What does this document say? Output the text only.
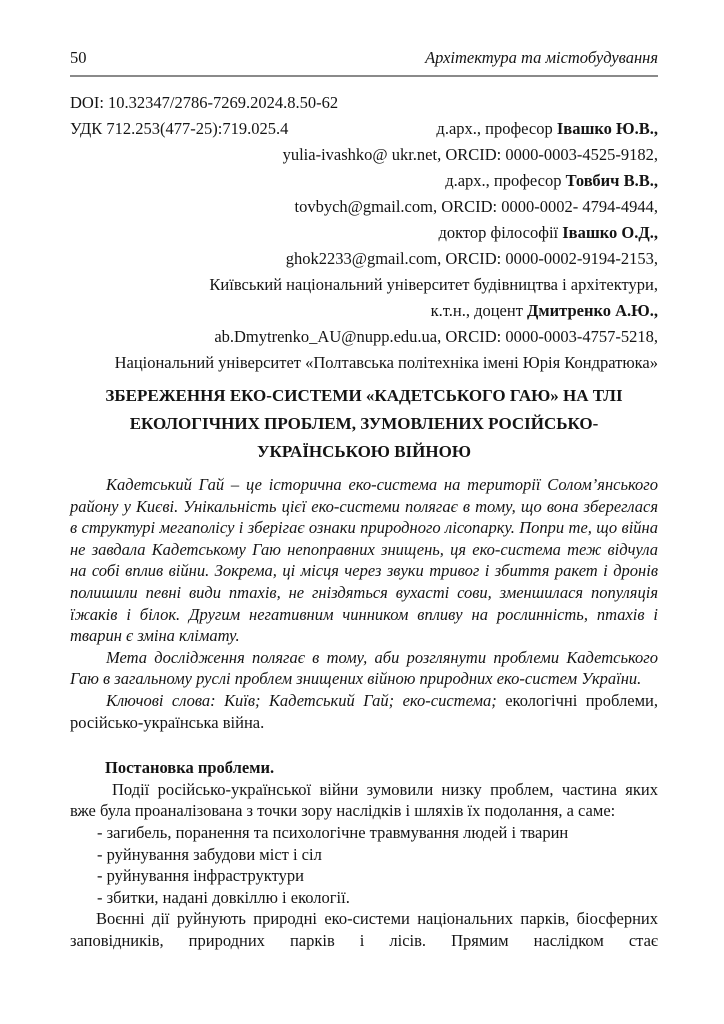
50	Архітектура та містобудування
DOI: 10.32347/2786-7269.2024.8.50-62
УДК 712.253(477-25):719.025.4	д.арх., професор Івашко Ю.В.,
yulia-ivashko@ ukr.net, ORCID: 0000-0003-4525-9182,
д.арх., професор Товбич В.В.,
tovbych@gmail.com, ORCID: 0000-0002- 4794-4944,
доктор філософії Івашко О.Д.,
ghok2233@gmail.com, ORCID: 0000-0002-9194-2153,
Київський національний університет будівництва і архітектури,
к.т.н., доцент Дмитренко А.Ю.,
ab.Dmytrenko_AU@nupp.edu.ua, ORCID: 0000-0003-4757-5218,
Національний університет «Полтавська політехніка імені Юрія Кондратюка»
ЗБЕРЕЖЕННЯ ЕКО-СИСТЕМИ «КАДЕТСЬКОГО ГАЮ» НА ТЛІ ЕКОЛОГІЧНИХ ПРОБЛЕМ, ЗУМОВЛЕНИХ РОСІЙСЬКО-УКРАЇНСЬКОЮ ВІЙНОЮ

Кадетський Гай – це історична еко-система на території Солом’янського району у Києві. Унікальність цієї еко-системи полягає в тому, що вона збереглася в структурі мегаполісу і зберігає ознаки природного лісопарку. Попри те, що війна не завдала Кадетському Гаю непоправних знищень, ця еко-система теж відчула на собі вплив війни. Зокрема, ці місця через звуки тривог і збиття ракет і дронів полишили певні види птахів, не гніздяться вухасті сови, зменшилася популяція їжаків і білок. Другим негативним чинником впливу на рослинність, птахів і тварин є зміна клімату.

Мета дослідження полягає в тому, аби розглянути проблеми Кадетського Гаю в загальному руслі проблем знищених війною природних еко-систем України.

Ключові слова: Київ; Кадетський Гай; еко-система; екологічні проблеми, російсько-українська війна.

Постановка проблеми.

Події російсько-української війни зумовили низку проблем, частина яких вже була проаналізована з точки зору наслідків і шляхів їх подолання, а саме:

- загибель, поранення та психологічне травмування людей і тварин
- руйнування забудови міст і сіл
- руйнування інфраструктури
- збитки, надані довкіллю і екології.

Воєнні дії руйнують природні еко-системи національних парків, біосферних заповідників, природних парків і лісів. Прямим наслідком стає
